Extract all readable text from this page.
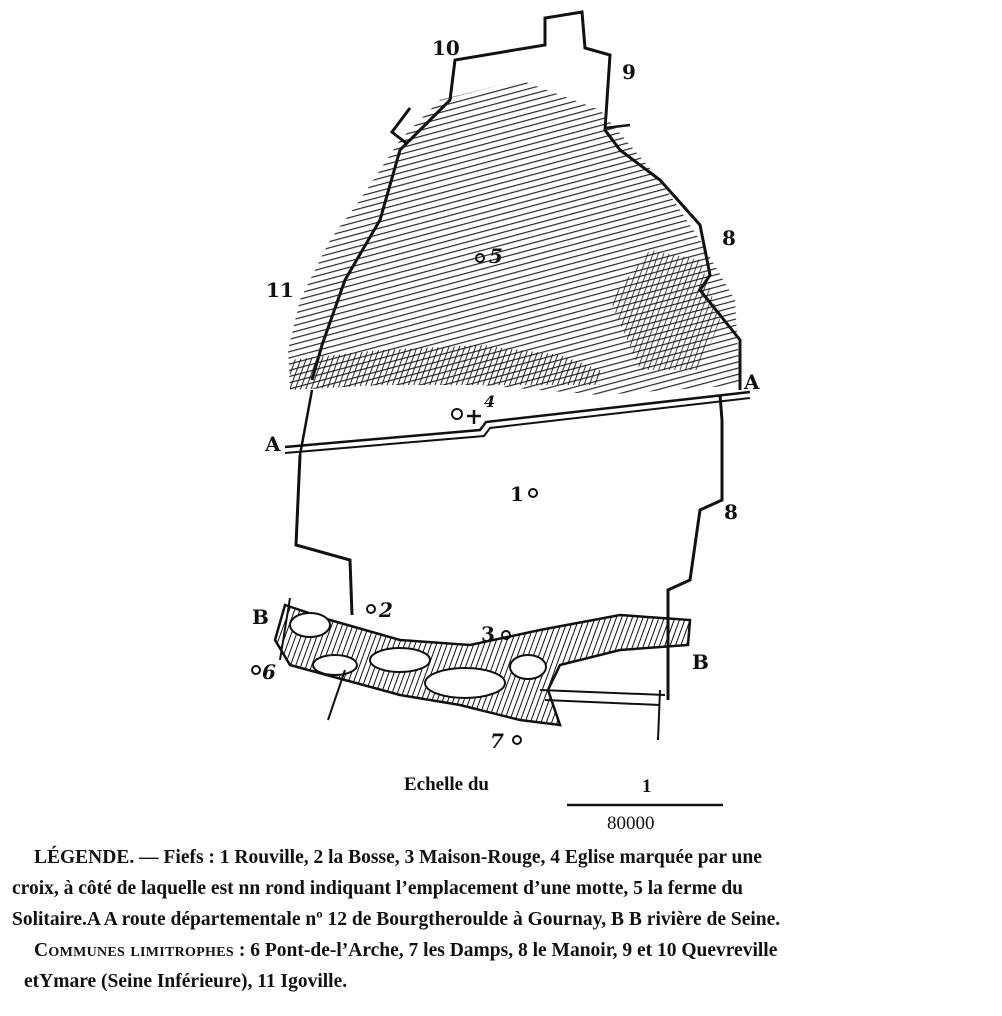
10
9
8
5
11
A
4
A
1
8
B	2
3
B
6
7
Echelle du	1
80000

LÉGENDE. — Fiefs : 1 Rouville, 2 la Bosse, 3 Maison-Rouge, 4 Eglise marquée par une

croix, à côté de laquelle est nn rond indiquant l’emplacement d’une motte, 5 la ferme du

Solitaire.A A route départementale nº 12 de Bourgtheroulde à Gournay, B B rivière de Seine.

Communes limitrophes : 6 Pont-de-l’Arche, 7 les Damps, 8 le Manoir, 9 et 10 Quevreville

etYmare (Seine Inférieure), 11 Igoville.
